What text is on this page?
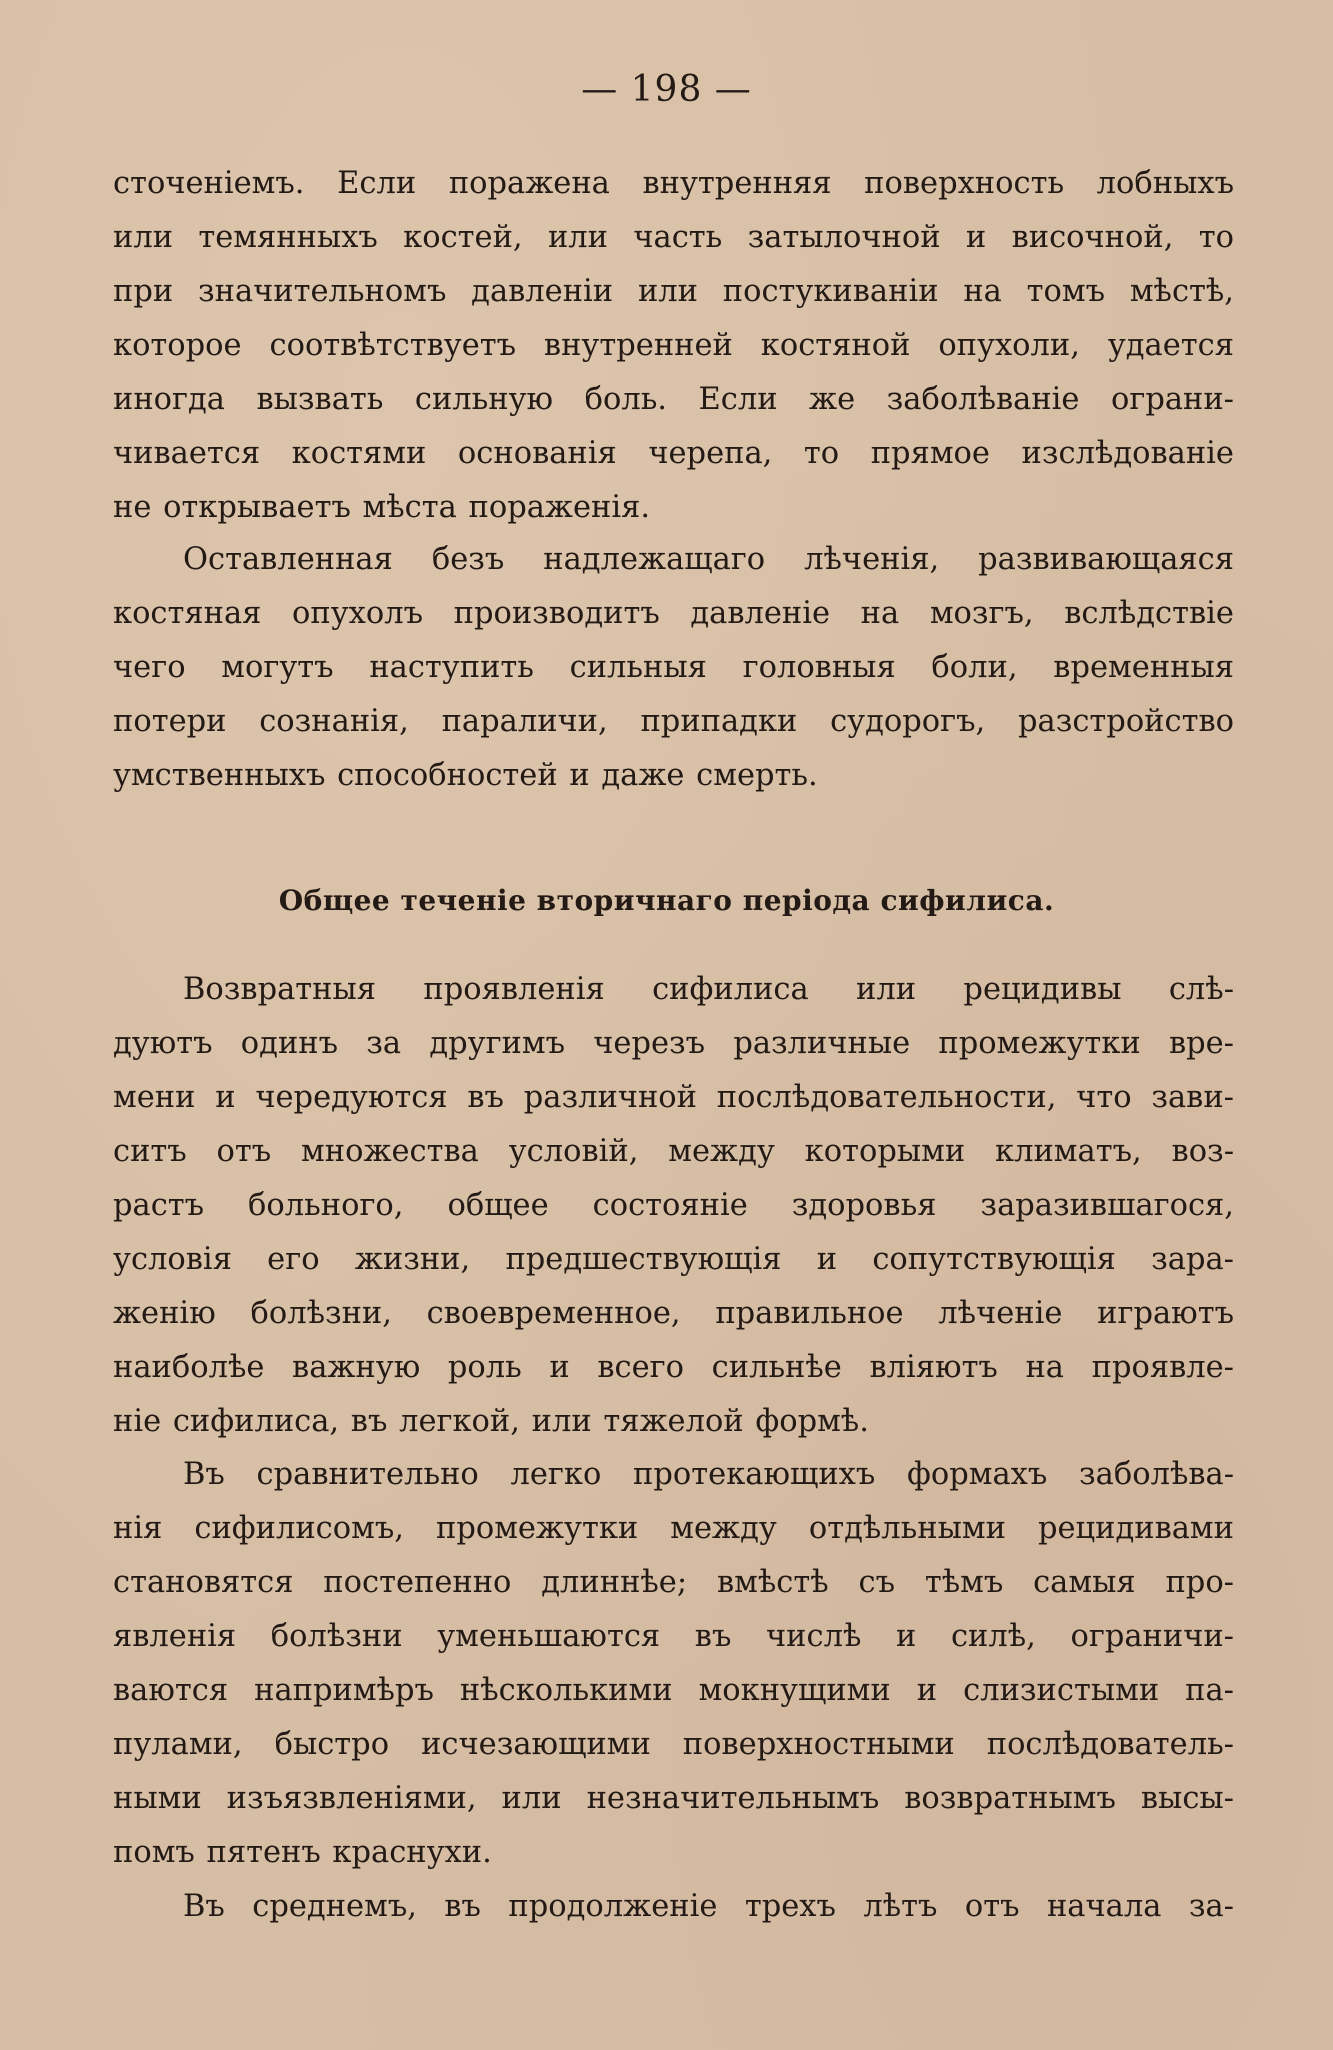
— 198 —
сточеніемъ. Если поражена внутренняя поверхность лобныхъ
или темянныхъ костей, или часть затылочной и височной, то
при значительномъ давленіи или постукиваніи на томъ мѣстѣ,
которое соотвѣтствуетъ внутренней костяной опухоли, удается
иногда вызвать сильную боль. Если же заболѣваніе ограни-
чивается костями основанія черепа, то прямое изслѣдованіе
не открываетъ мѣста пораженія.
Оставленная безъ надлежащаго лѣченія, развивающаяся
костяная опухолъ производитъ давленіе на мозгъ, вслѣдствіе
чего могутъ наступить сильныя головныя боли, временныя
потери сознанія, параличи, припадки судорогъ, разстройство
умственныхъ способностей и даже смерть.
Общее теченіе вторичнаго періода сифилиса.
Возвратныя проявленія сифилиса или рецидивы слѣ-
дуютъ одинъ за другимъ черезъ различные промежутки вре-
мени и чередуются въ различной послѣдовательности, что зави-
ситъ отъ множества условій, между которыми климатъ, воз-
растъ больного, общее состояніе здоровья заразившагося,
условія его жизни, предшествующія и сопутствующія зара-
женію болѣзни, своевременное, правильное лѣченіе играютъ
наиболѣе важную роль и всего сильнѣе вліяютъ на проявле-
ніе сифилиса, въ легкой, или тяжелой формѣ.
Въ сравнительно легко протекающихъ формахъ заболѣва-
нія сифилисомъ, промежутки между отдѣльными рецидивами
становятся постепенно длиннѣе; вмѣстѣ съ тѣмъ самыя про-
явленія болѣзни уменьшаются въ числѣ и силѣ, ограничи-
ваются напримѣръ нѣсколькими мокнущими и слизистыми па-
пулами, быстро исчезающими поверхностными послѣдователь-
ными изъязвленіями, или незначительнымъ возвратнымъ высы-
помъ пятенъ краснухи.
Въ среднемъ, въ продолженіе трехъ лѣтъ отъ начала за-
